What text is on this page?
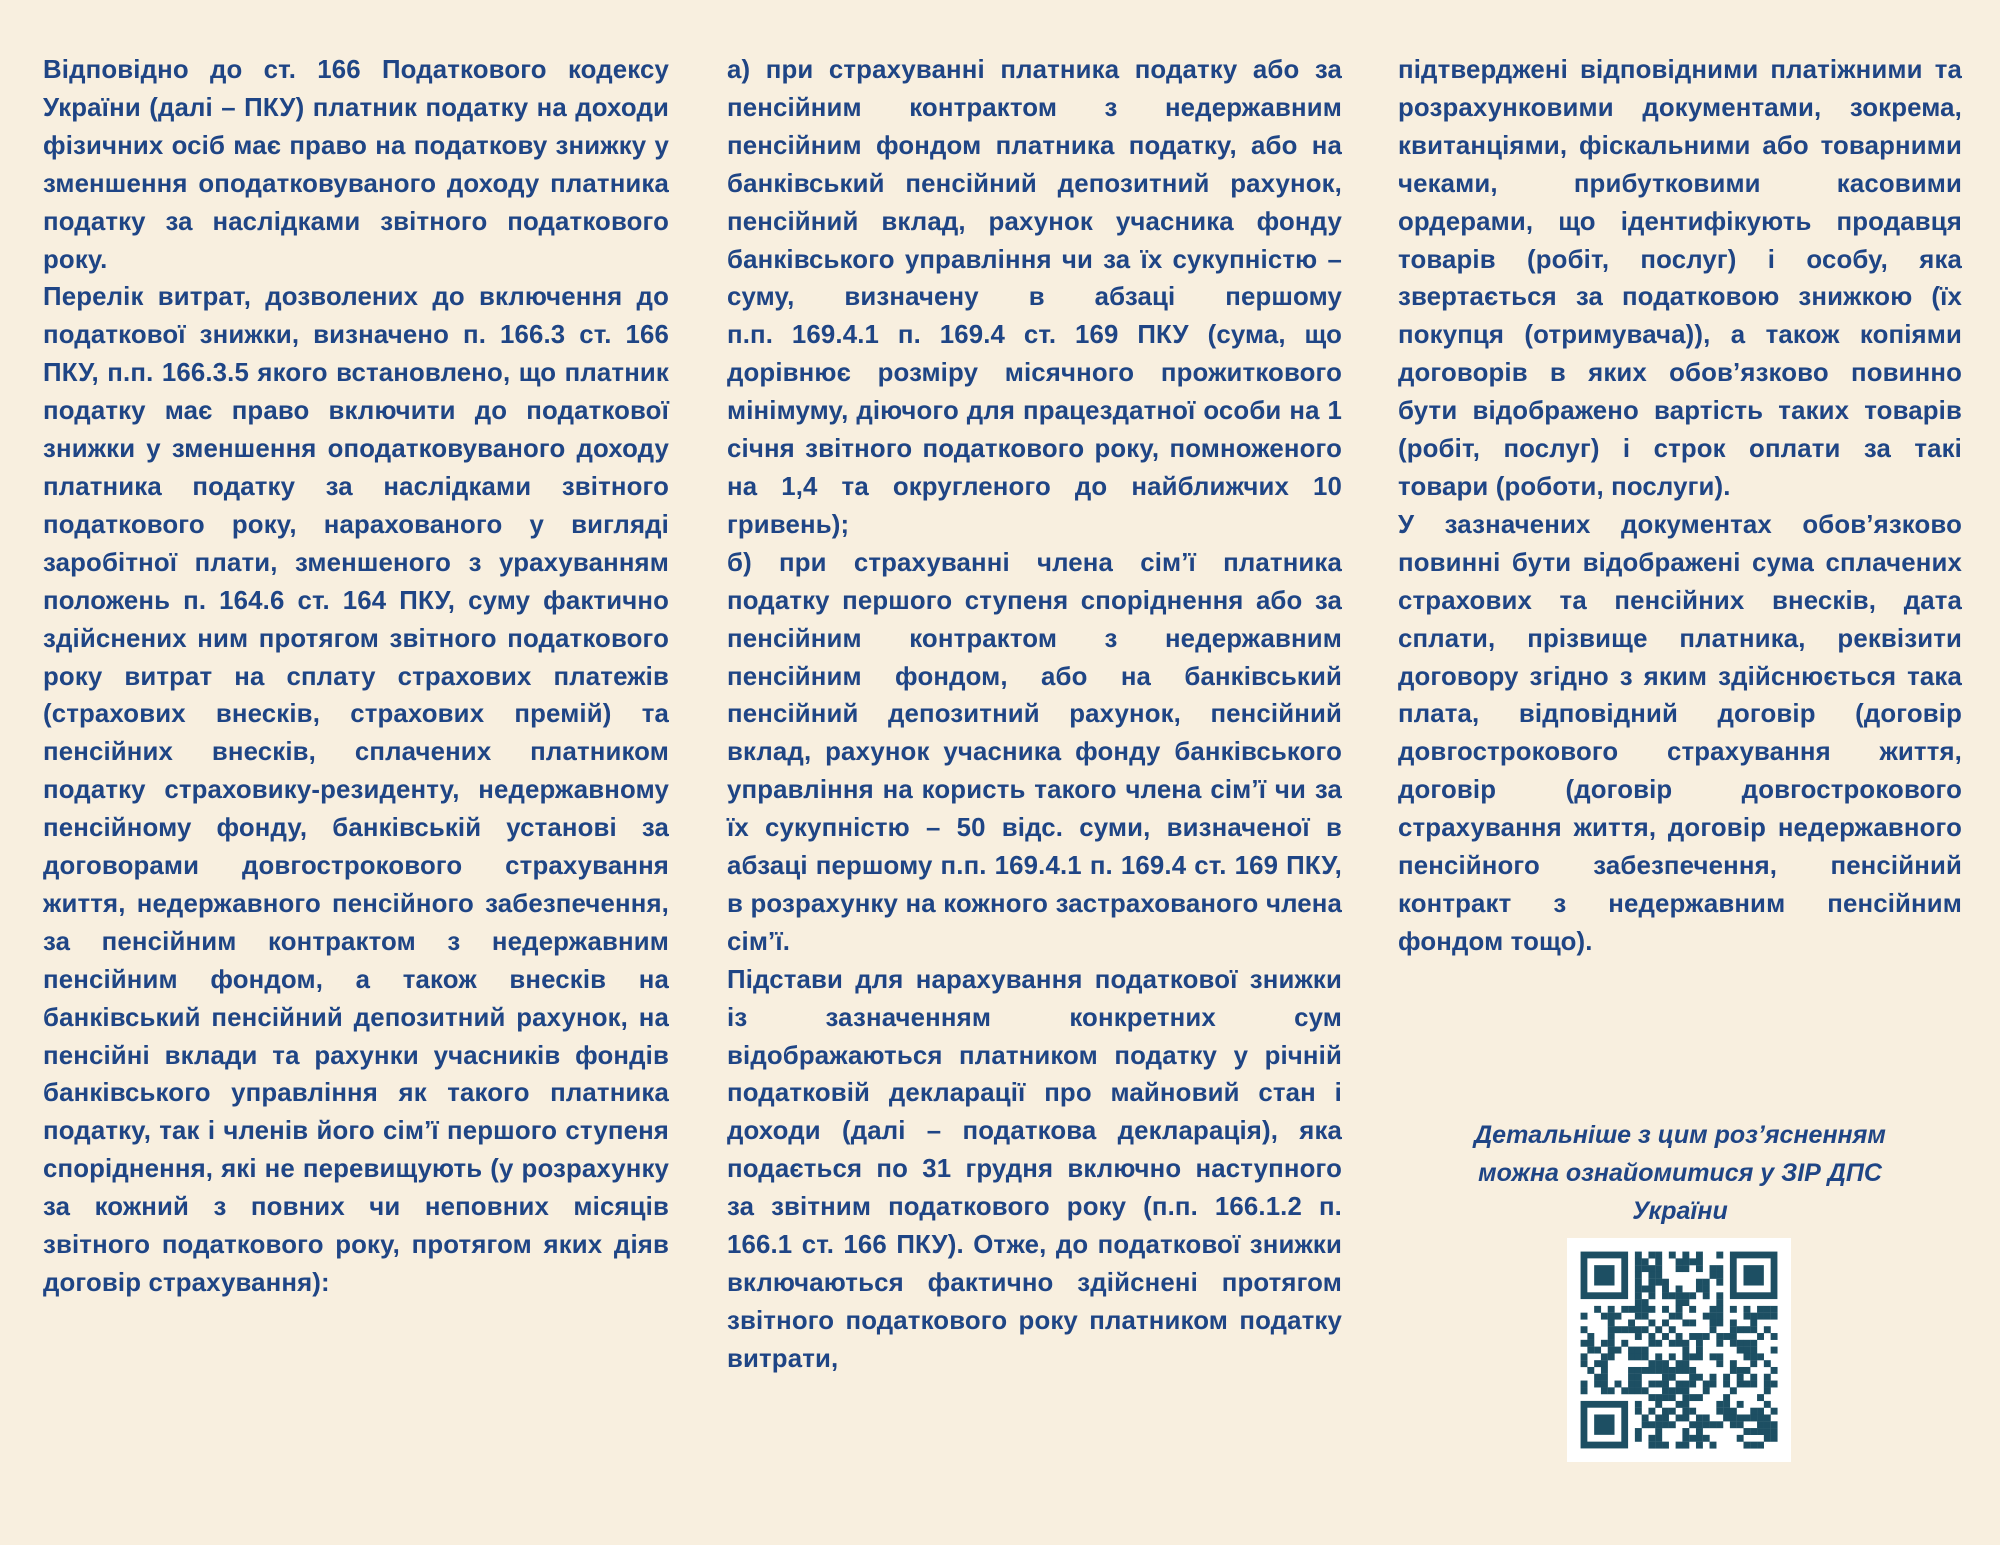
Відповідно до ст. 166 Податкового кодексу України (далі – ПКУ) платник податку на доходи фізичних осіб має право на податкову знижку у зменшення оподатковуваного доходу платника податку за наслідками звітного податкового року.

Перелік витрат, дозволених до включення до податкової знижки, визначено п. 166.3 ст. 166 ПКУ, п.п. 166.3.5 якого встановлено, що платник податку має право включити до податкової знижки у зменшення оподатковуваного доходу платника податку за наслідками звітного податкового року, нарахованого у вигляді заробітної плати, зменшеного з урахуванням положень п. 164.6 ст. 164 ПКУ, суму фактично здійснених ним протягом звітного податкового року витрат на сплату страхових платежів (страхових внесків, страхових премій) та пенсійних внесків, сплачених платником податку страховику-резиденту, недержавному пенсійному фонду, банківській установі за договорами довгострокового страхування життя, недержавного пенсійного забезпечення, за пенсійним контрактом з недержавним пенсійним фондом, а також внесків на банківський пенсійний депозитний рахунок, на пенсійні вклади та рахунки учасників фондів банківського управління як такого платника податку, так і членів його сім’ї першого ступеня споріднення, які не перевищують (у розрахунку за кожний з повних чи неповних місяців звітного податкового року, протягом яких діяв договір страхування):

а) при страхуванні платника податку або за пенсійним контрактом з недержавним пенсійним фондом платника податку, або на банківський пенсійний депозитний рахунок, пенсійний вклад, рахунок учасника фонду банківського управління чи за їх сукупністю – суму, визначену в абзаці першому

п.п. 169.4.1 п. 169.4 ст. 169 ПКУ (сума, що дорівнює розміру місячного прожиткового мінімуму, діючого для працездатної особи на 1 січня звітного податкового року, помноженого на 1,4 та округленого до найближчих 10 гривень);

б) при страхуванні члена сім’ї платника податку першого ступеня споріднення або за пенсійним контрактом з недержавним пенсійним фондом, або на банківський пенсійний депозитний рахунок, пенсійний вклад, рахунок учасника фонду банківського управління на користь такого члена сім’ї чи за їх сукупністю – 50 відс. суми, визначеної в абзаці першому п.п. 169.4.1 п. 169.4 ст. 169 ПКУ, в розрахунку на кожного застрахованого члена сім’ї.

Підстави для нарахування податкової знижки із зазначенням конкретних сум відображаються платником податку у річній податковій декларації про майновий стан і доходи (далі – податкова декларація), яка подається по 31 грудня включно наступного за звітним податкового року (п.п. 166.1.2 п. 166.1 ст. 166 ПКУ). Отже, до податкової знижки включаються фактично здійснені протягом звітного податкового року платником податку витрати,

підтверджені відповідними платіжними та розрахунковими документами, зокрема, квитанціями, фіскальними або товарними чеками, прибутковими касовими ордерами, що ідентифікують продавця товарів (робіт, послуг) і особу, яка звертається за податковою знижкою (їх покупця (отримувача)), а також копіями договорів в яких обов’язково повинно бути відображено вартість таких товарів (робіт, послуг) і строк оплати за такі товари (роботи, послуги).

У зазначених документах обов’язково повинні бути відображені сума сплачених страхових та пенсійних внесків, дата сплати, прізвище платника, реквізити договору згідно з яким здійснюється така плата, відповідний договір (договір довгострокового страхування життя, договір (договір довгострокового страхування життя, договір недержавного пенсійного забезпечення, пенсійний контракт з недержавним пенсійним фондом тощо).

Детальніше з цим роз’ясненням можна ознайомитися у ЗІР ДПС України
